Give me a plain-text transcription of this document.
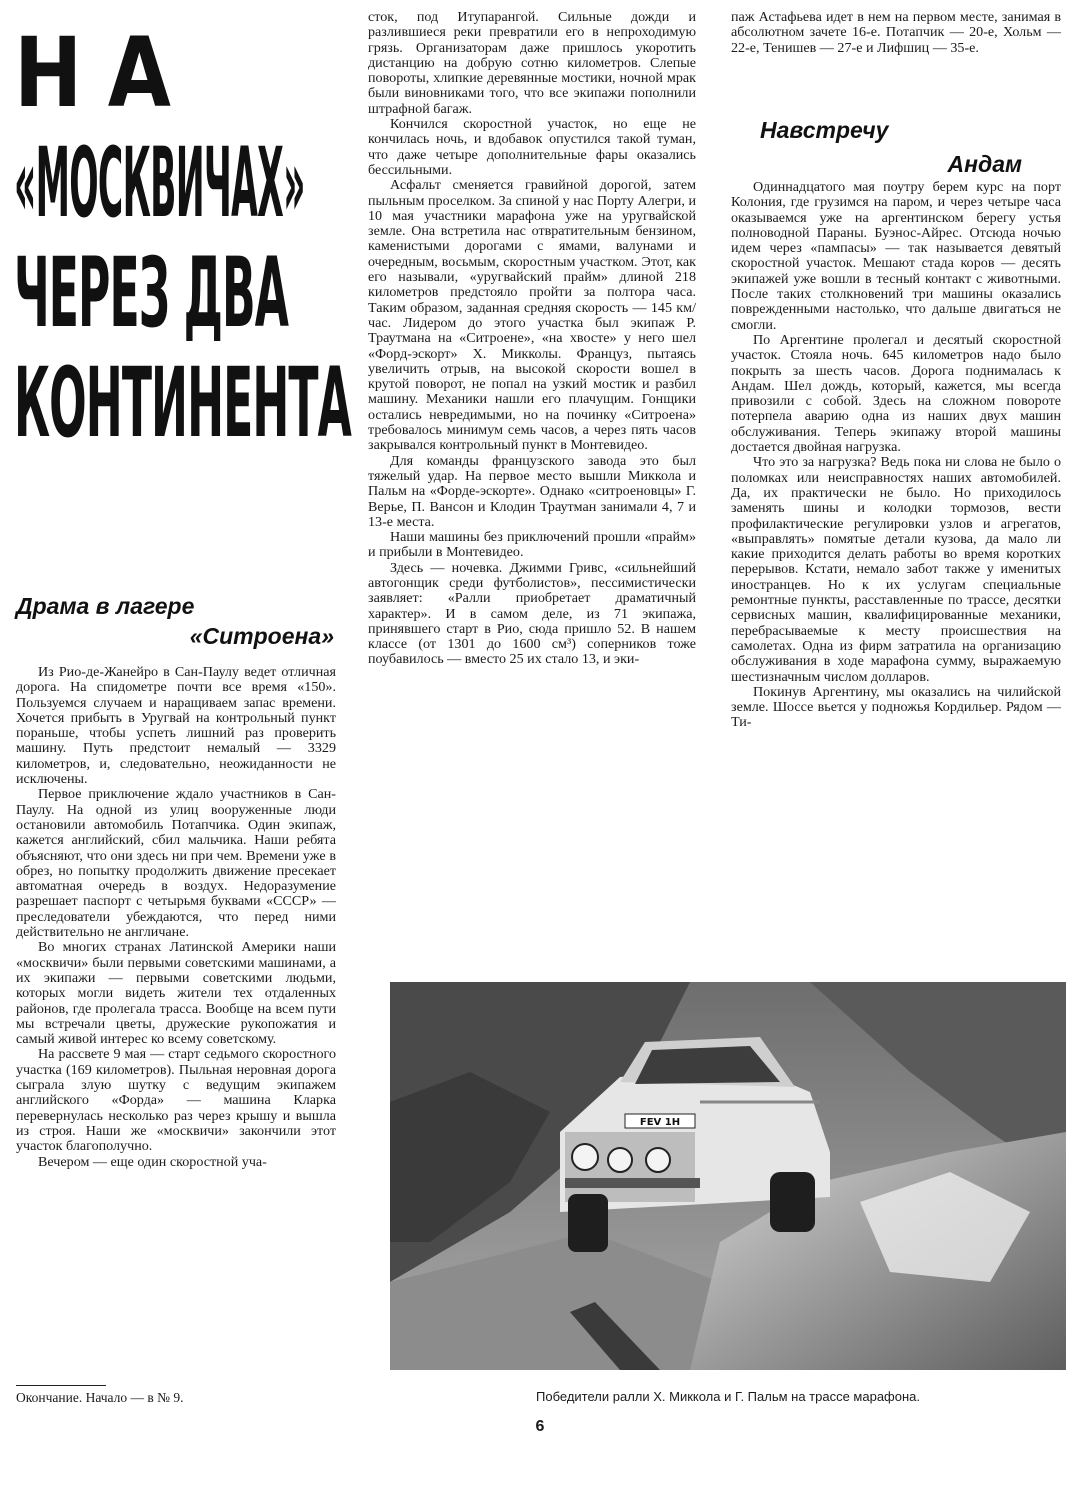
НА
«МОСКВИЧАХ»
ЧЕРЕЗ ДВА
КОНТИНЕНТА
Драма в лагере
«Ситроена»

Из Рио-де-Жанейро в Сан-Паулу ведет отличная дорога. На спидометре почти все время «150». Пользуемся случаем и наращиваем запас времени. Хочется прибыть в Уругвай на контрольный пункт пораньше, чтобы успеть лишний раз проверить машину. Путь предстоит немалый — 3329 километров, и, следовательно, неожиданности не исключены.

Первое приключение ждало участников в Сан-Паулу. На одной из улиц вооруженные люди остановили автомобиль Потапчика. Один экипаж, кажется английский, сбил мальчика. Наши ребята объясняют, что они здесь ни при чем. Времени уже в обрез, но попытку продолжить движение пресекает автоматная очередь в воздух. Недоразумение разрешает паспорт с четырьмя буквами «СССР» — преследователи убеждаются, что перед ними действительно не англичане.

Во многих странах Латинской Америки наши «москвичи» были первыми советскими машинами, а их экипажи — первыми советскими людьми, которых могли видеть жители тех отдаленных районов, где пролегала трасса. Вообще на всем пути мы встречали цветы, дружеские рукопожатия и самый живой интерес ко всему советскому.

На рассвете 9 мая — старт седьмого скоростного участка (169 километров). Пыльная неровная дорога сыграла злую шутку с ведущим экипажем английского «Форда» — машина Кларка перевернулась несколько раз через крышу и вышла из строя. Наши же «москвичи» закончили этот участок благополучно.

Вечером — еще один скоростной уча-

Окончание. Начало — в № 9.

сток, под Итупарангой. Сильные дожди и разлившиеся реки превратили его в непроходимую грязь. Организаторам даже пришлось укоротить дистанцию на добрую сотню километров. Слепые повороты, хлипкие деревянные мостики, ночной мрак были виновниками того, что все экипажи пополнили штрафной багаж.

Кончился скоростной участок, но еще не кончилась ночь, и вдобавок опустился такой туман, что даже четыре дополнительные фары оказались бессильными.

Асфальт сменяется гравийной дорогой, затем пыльным проселком. За спиной у нас Порту Алегри, и 10 мая участники марафона уже на уругвайской земле. Она встретила нас отвратительным бензином, каменистыми дорогами с ямами, валунами и очередным, восьмым, скоростным участком. Этот, как его называли, «уругвайский прайм» длиной 218 километров предстояло пройти за полтора часа. Таким образом, заданная средняя скорость — 145 км/час. Лидером до этого участка был экипаж Р. Траутмана на «Ситроене», «на хвосте» у него шел «Форд-эскорт» Х. Микколы. Француз, пытаясь увеличить отрыв, на высокой скорости вошел в крутой поворот, не попал на узкий мостик и разбил машину. Механики нашли его плачущим. Гонщики остались невредимыми, но на починку «Ситроена» требовалось минимум семь часов, а через пять часов закрывался контрольный пункт в Монтевидео.

Для команды французского завода это был тяжелый удар. На первое место вышли Миккола и Пальм на «Форде-эскорте». Однако «ситроеновцы» Г. Верье, П. Вансон и Клодин Траутман занимали 4, 7 и 13-е места.

Наши машины без приключений прошли «прайм» и прибыли в Монтевидео.

Здесь — ночевка. Джимми Гривс, «сильнейший автогонщик среди футболистов», пессимистически заявляет: «Ралли приобретает драматичный характер». И в самом деле, из 71 экипажа, принявшего старт в Рио, сюда пришло 52. В нашем классе (от 1301 до 1600 см³) соперников тоже поубавилось — вместо 25 их стало 13, и эки-

паж Астафьева идет в нем на первом месте, занимая в абсолютном зачете 16-е. Потапчик — 20-е, Хольм — 22-е, Тенишев — 27-е и Лифшиц — 35-е.

Навстречу
Андам

Одиннадцатого мая поутру берем курс на порт Колония, где грузимся на паром, и через четыре часа оказываемся уже на аргентинском берегу устья полноводной Параны. Буэнос-Айрес. Отсюда ночью идем через «пампасы» — так называется девятый скоростной участок. Мешают стада коров — десять экипажей уже вошли в тесный контакт с животными. После таких столкновений три машины оказались поврежденными настолько, что дальше двигаться не смогли.

По Аргентине пролегал и десятый скоростной участок. Стояла ночь. 645 километров надо было покрыть за шесть часов. Дорога поднималась к Андам. Шел дождь, который, кажется, мы всегда привозили с собой. Здесь на сложном повороте потерпела аварию одна из наших двух машин обслуживания. Теперь экипажу второй машины достается двойная нагрузка.

Что это за нагрузка? Ведь пока ни слова не было о поломках или неисправностях наших автомобилей. Да, их практически не было. Но приходилось заменять шины и колодки тормозов, вести профилактические регулировки узлов и агрегатов, «выправлять» помятые детали кузова, да мало ли какие приходится делать работы во время коротких перерывов. Кстати, немало забот также у именитых иностранцев. Но к их услугам специальные ремонтные пункты, расставленные по трассе, десятки сервисных машин, квалифицированные механики, перебрасываемые к месту происшествия на самолетах. Одна из фирм затратила на организацию обслуживания в ходе марафона сумму, выражаемую шестизначным числом долларов.

Покинув Аргентину, мы оказались на чилийской земле. Шоссе вьется у подножья Кордильер. Рядом — Ти-

FEV 1H

Победители ралли Х. Миккола и Г. Пальм на трассе марафона.

6
